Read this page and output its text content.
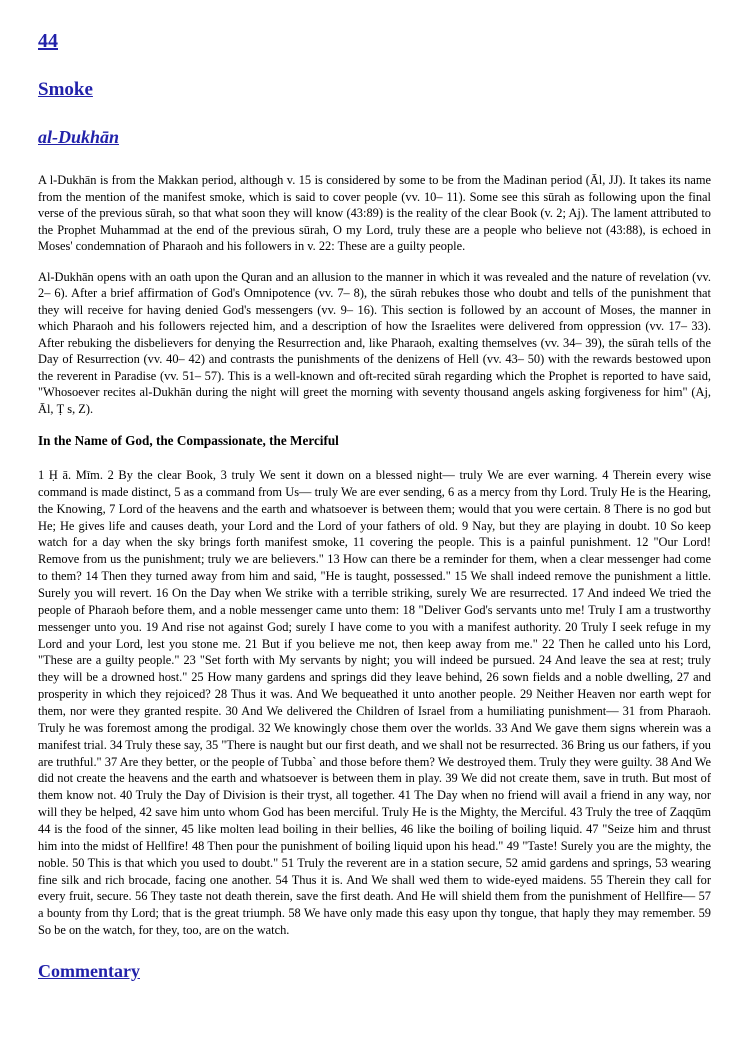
44
Smoke
al-Dukhān

A l-Dukhān is from the Makkan period, although v. 15 is considered by some to be from the Madinan period (Āl, JJ). It takes its name from the mention of the manifest smoke, which is said to cover people (vv. 10– 11). Some see this sūrah as following upon the final verse of the previous sūrah, so that what soon they will know (43:89) is the reality of the clear Book (v. 2; Aj). The lament attributed to the Prophet Muhammad at the end of the previous sūrah, O my Lord, truly these are a people who believe not (43:88), is echoed in Moses' condemnation of Pharaoh and his followers in v. 22: These are a guilty people.

Al-Dukhān opens with an oath upon the Quran and an allusion to the manner in which it was revealed and the nature of revelation (vv. 2– 6). After a brief affirmation of God's Omnipotence (vv. 7– 8), the sūrah rebukes those who doubt and tells of the punishment that they will receive for having denied God's messengers (vv. 9– 16). This section is followed by an account of Moses, the manner in which Pharaoh and his followers rejected him, and a description of how the Israelites were delivered from oppression (vv. 17– 33). After rebuking the disbelievers for denying the Resurrection and, like Pharaoh, exalting themselves (vv. 34– 39), the sūrah tells of the Day of Resurrection (vv. 40– 42) and contrasts the punishments of the denizens of Hell (vv. 43– 50) with the rewards bestowed upon the reverent in Paradise (vv. 51– 57). This is a well-known and oft-recited sūrah regarding which the Prophet is reported to have said, "Whosoever recites al-Dukhān during the night will greet the morning with seventy thousand angels asking forgiveness for him" (Aj, Āl, Ṭ s, Z).

In the Name of God, the Compassionate, the Merciful

1 Ḥ ā. Mīm. 2 By the clear Book, 3 truly We sent it down on a blessed night— truly We are ever warning. 4 Therein every wise command is made distinct, 5 as a command from Us— truly We are ever sending, 6 as a mercy from thy Lord. Truly He is the Hearing, the Knowing, 7 Lord of the heavens and the earth and whatsoever is between them; would that you were certain. 8 There is no god but He; He gives life and causes death, your Lord and the Lord of your fathers of old. 9 Nay, but they are playing in doubt. 10 So keep watch for a day when the sky brings forth manifest smoke, 11 covering the people. This is a painful punishment. 12 "Our Lord! Remove from us the punishment; truly we are believers." 13 How can there be a reminder for them, when a clear messenger had come to them? 14 Then they turned away from him and said, "He is taught, possessed." 15 We shall indeed remove the punishment a little. Surely you will revert. 16 On the Day when We strike with a terrible striking, surely We are resurrected. 17 And indeed We tried the people of Pharaoh before them, and a noble messenger came unto them: 18 "Deliver God's servants unto me! Truly I am a trustworthy messenger unto you. 19 And rise not against God; surely I have come to you with a manifest authority. 20 Truly I seek refuge in my Lord and your Lord, lest you stone me. 21 But if you believe me not, then keep away from me." 22 Then he called unto his Lord, "These are a guilty people." 23 "Set forth with My servants by night; you will indeed be pursued. 24 And leave the sea at rest; truly they will be a drowned host." 25 How many gardens and springs did they leave behind, 26 sown fields and a noble dwelling, 27 and prosperity in which they rejoiced? 28 Thus it was. And We bequeathed it unto another people. 29 Neither Heaven nor earth wept for them, nor were they granted respite. 30 And We delivered the Children of Israel from a humiliating punishment— 31 from Pharaoh. Truly he was foremost among the prodigal. 32 We knowingly chose them over the worlds. 33 And We gave them signs wherein was a manifest trial. 34 Truly these say, 35 "There is naught but our first death, and we shall not be resurrected. 36 Bring us our fathers, if you are truthful." 37 Are they better, or the people of Tubba` and those before them? We destroyed them. Truly they were guilty. 38 And We did not create the heavens and the earth and whatsoever is between them in play. 39 We did not create them, save in truth. But most of them know not. 40 Truly the Day of Division is their tryst, all together. 41 The Day when no friend will avail a friend in any way, nor will they be helped, 42 save him unto whom God has been merciful. Truly He is the Mighty, the Merciful. 43 Truly the tree of Zaqqūm 44 is the food of the sinner, 45 like molten lead boiling in their bellies, 46 like the boiling of boiling liquid. 47 "Seize him and thrust him into the midst of Hellfire! 48 Then pour the punishment of boiling liquid upon his head." 49 "Taste! Surely you are the mighty, the noble. 50 This is that which you used to doubt." 51 Truly the reverent are in a station secure, 52 amid gardens and springs, 53 wearing fine silk and rich brocade, facing one another. 54 Thus it is. And We shall wed them to wide-eyed maidens. 55 Therein they call for every fruit, secure. 56 They taste not death therein, save the first death. And He will shield them from the punishment of Hellfire— 57 a bounty from thy Lord; that is the great triumph. 58 We have only made this easy upon thy tongue, that haply they may remember. 59 So be on the watch, for they, too, are on the watch.

Commentary
